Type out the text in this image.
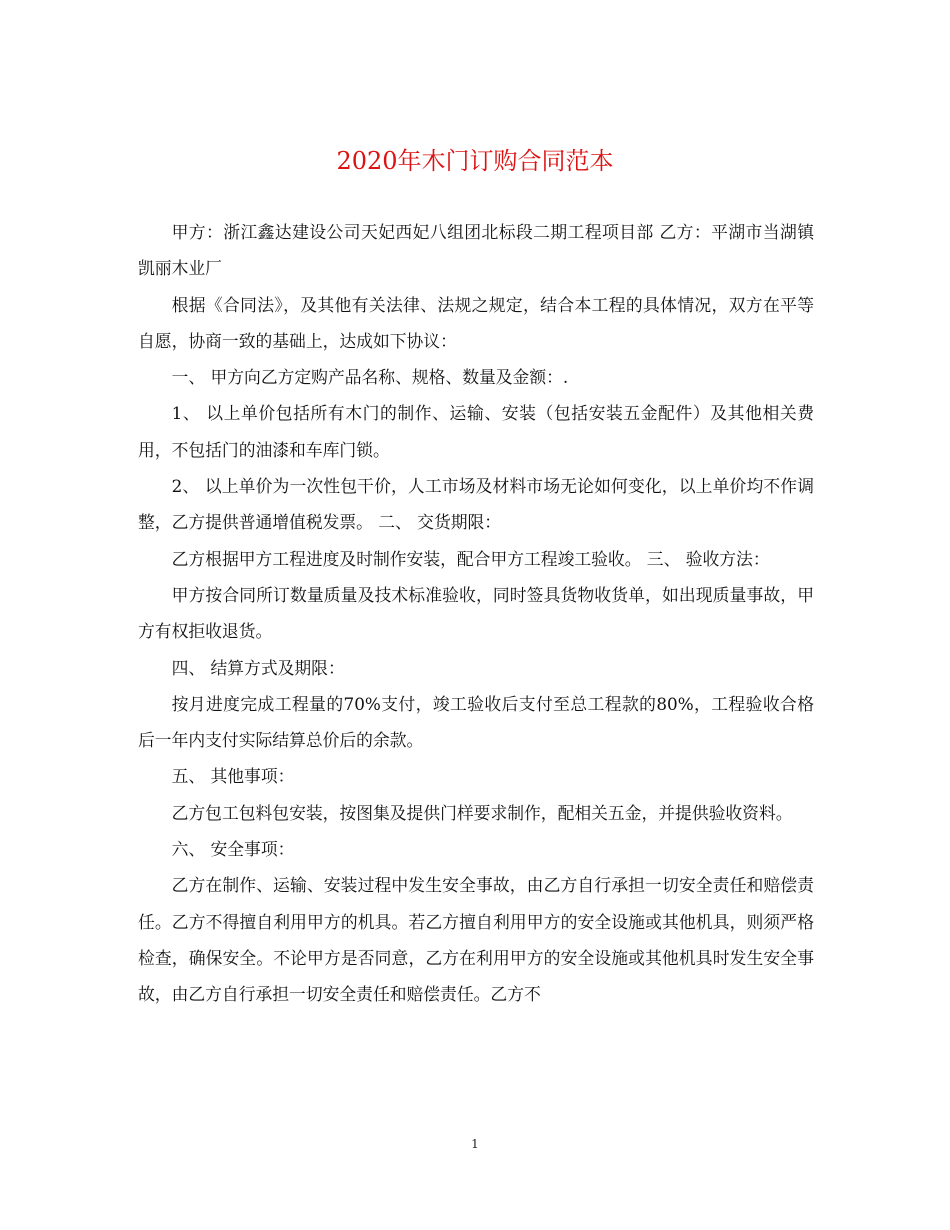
2020年木门订购合同范本

甲方：浙江鑫达建设公司天妃西妃八组团北标段二期工程项目部 乙方：平湖市当湖镇凯丽木业厂

根据《合同法》，及其他有关法律、法规之规定，结合本工程的具体情况，双方在平等自愿，协商一致的基础上，达成如下协议：

一、 甲方向乙方定购产品名称、规格、数量及金额：.

1、 以上单价包括所有木门的制作、运输、安装（包括安装五金配件）及其他相关费用，不包括门的油漆和车库门锁。

2、 以上单价为一次性包干价，人工市场及材料市场无论如何变化，以上单价均不作调整，乙方提供普通增值税发票。 二、 交货期限：

乙方根据甲方工程进度及时制作安装，配合甲方工程竣工验收。 三、 验收方法：

甲方按合同所订数量质量及技术标准验收，同时签具货物收货单，如出现质量事故，甲方有权拒收退货。

四、 结算方式及期限：

按月进度完成工程量的70%支付，竣工验收后支付至总工程款的80%，工程验收合格后一年内支付实际结算总价后的余款。

五、 其他事项：

乙方包工包料包安装，按图集及提供门样要求制作，配相关五金，并提供验收资料。

六、 安全事项：

乙方在制作、运输、安装过程中发生安全事故，由乙方自行承担一切安全责任和赔偿责任。乙方不得擅自利用甲方的机具。若乙方擅自利用甲方的安全设施或其他机具，则须严格检查，确保安全。不论甲方是否同意，乙方在利用甲方的安全设施或其他机具时发生安全事故，由乙方自行承担一切安全责任和赔偿责任。乙方不

1
